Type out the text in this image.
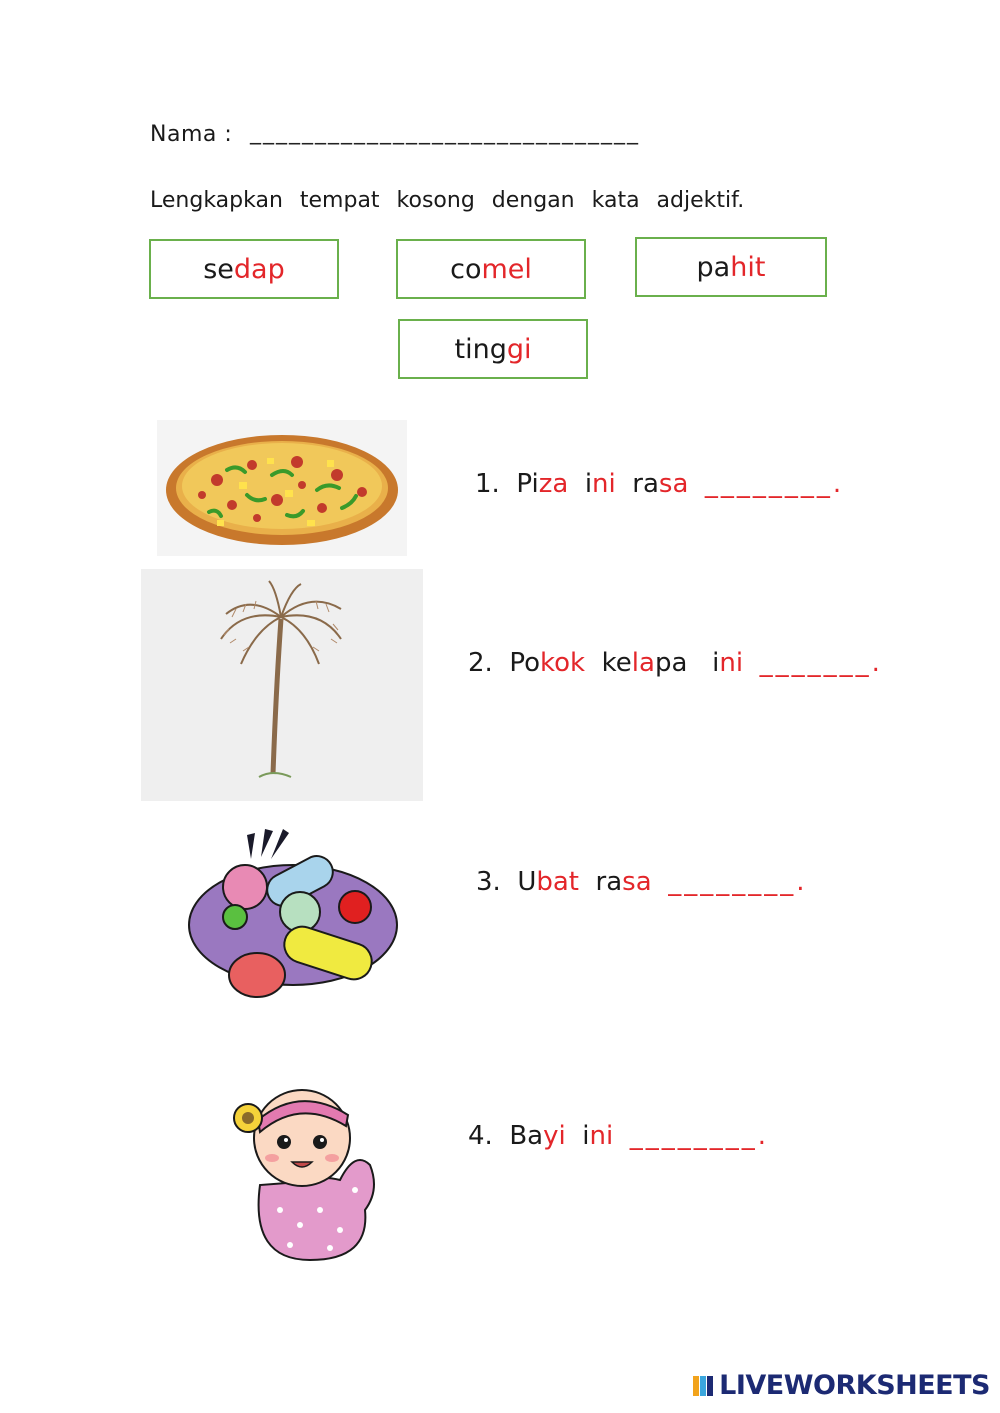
Nama : ______________________________
Lengkapkan tempat kosong dengan kata adjektif.
se dap	co mel	pa hit
ting gi
1. Piza ini rasa ________.
2. Pokok kelapa ini _______.
3. Ubat rasa ________.
4. Bayi ini ________.
LIVEWORKSHEETS
